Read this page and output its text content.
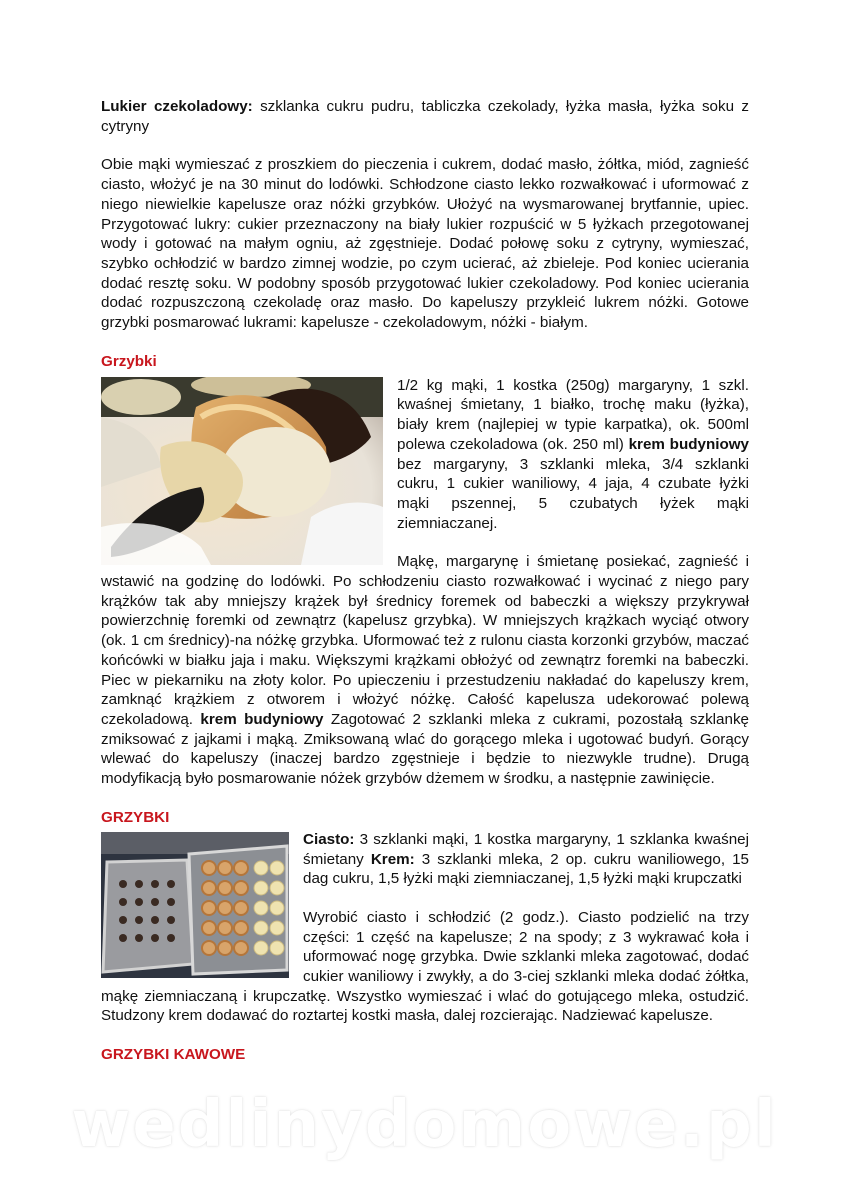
Lukier czekoladowy: szklanka cukru pudru, tabliczka czekolady, łyżka masła, łyżka soku z cytryny

Obie mąki wymieszać z proszkiem do pieczenia i cukrem, dodać masło, żółtka, miód, zagnieść ciasto, włożyć je na 30 minut do lodówki. Schłodzone ciasto lekko rozwałkować i uformować z niego niewielkie kapelusze oraz nóżki grzybków. Ułożyć na wysmarowanej brytfannie, upiec. Przygotować lukry: cukier przeznaczony na biały lukier rozpuścić w 5 łyżkach przegotowanej wody i gotować na małym ogniu, aż zgęstnieje. Dodać połowę soku z cytryny, wymieszać, szybko ochłodzić w bardzo zimnej wodzie, po czym ucierać, aż zbieleje. Pod koniec ucierania dodać resztę soku. W podobny sposób przygotować lukier czekoladowy. Pod koniec ucierania dodać rozpuszczoną czekoladę oraz masło. Do kapeluszy przykleić lukrem nóżki. Gotowe grzybki posmarować lukrami: kapelusze - czekoladowym, nóżki - białym.

Grzybki

1/2 kg mąki, 1 kostka (250g) margaryny, 1 szkl. kwaśnej śmietany, 1 białko, trochę maku (łyżka), biały krem (najlepiej w typie karpatka), ok. 500ml polewa czekoladowa (ok. 250 ml) krem budyniowy bez margaryny, 3 szklanki mleka, 3/4 szklanki cukru, 1 cukier waniliowy, 4 jaja, 4 czubate łyżki mąki pszennej, 5 czubatych łyżek mąki ziemniaczanej.

Mąkę, margarynę i śmietanę posiekać, zagnieść i wstawić na godzinę do lodówki. Po schłodzeniu ciasto rozwałkować i wycinać z niego pary krążków tak aby mniejszy krążek był średnicy foremek od babeczki a większy przykrywał powierzchnię foremki od zewnątrz (kapelusz grzybka). W mniejszych krążkach wyciąć otwory (ok. 1 cm średnicy)-na nóżkę grzybka. Uformować też z rulonu ciasta korzonki grzybów, maczać końcówki w białku jaja i maku. Większymi krążkami obłożyć od zewnątrz foremki na babeczki. Piec w piekarniku na złoty kolor. Po upieczeniu i przestudzeniu nakładać do kapeluszy krem, zamknąć krążkiem z otworem i włożyć nóżkę. Całość kapelusza udekorować polewą czekoladową. krem budyniowy Zagotować 2 szklanki mleka z cukrami, pozostałą szklankę zmiksować z jajkami i mąką. Zmiksowaną wlać do gorącego mleka i ugotować budyń. Gorący wlewać do kapeluszy (inaczej bardzo zgęstnieje i będzie to niezwykle trudne). Drugą modyfikacją było posmarowanie nóżek grzybów dżemem w środku, a następnie zawinięcie.

GRZYBKI

Ciasto: 3 szklanki mąki, 1 kostka margaryny, 1 szklanka kwaśnej śmietany Krem: 3 szklanki mleka, 2 op. cukru waniliowego, 15 dag cukru, 1,5 łyżki mąki ziemniaczanej, 1,5 łyżki mąki krupczatki

Wyrobić ciasto i schłodzić (2 godz.). Ciasto podzielić na trzy części: 1 część na kapelusze; 2 na spody; z 3 wykrawać koła i uformować nogę grzybka. Dwie szklanki mleka zagotować, dodać cukier waniliowy i zwykły, a do 3-ciej szklanki mleka dodać żółtka, mąkę ziemniaczaną i krupczatkę. Wszystko wymieszać i wlać do gotującego mleka, ostudzić. Studzony krem dodawać do roztartej kostki masła, dalej rozcierając. Nadziewać kapelusze.

GRZYBKI KAWOWE
wedlinydomowe.pl
